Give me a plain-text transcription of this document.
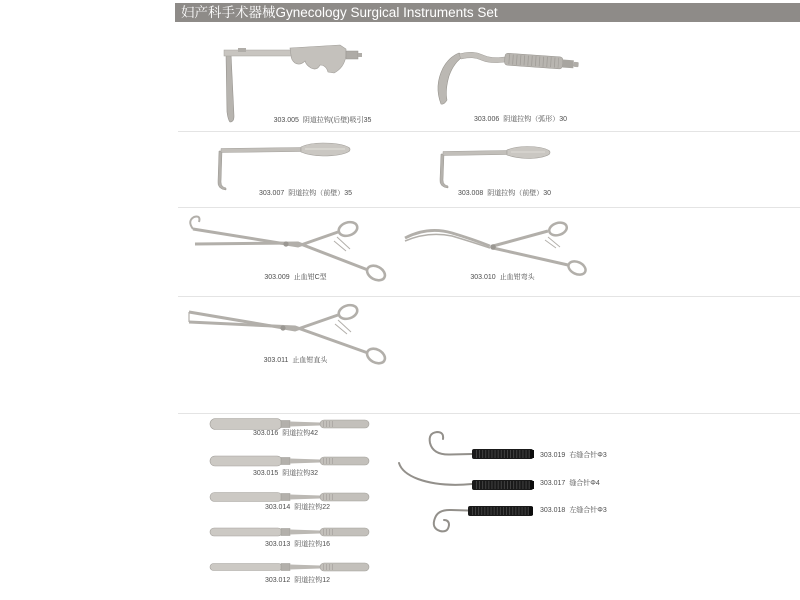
妇产科手术器械Gynecology Surgical Instruments Set
303.005 阴道拉钩(后壁)吸引35	303.006 阴道拉钩（弧形）30
303.007 阴道拉钩（前壁）35	303.008 阴道拉钩（前壁）30
303.009 止血钳C型	303.010 止血钳弯头
303.011 止血钳直头
303.016 阴道拉钩42
303.015 阴道拉钩32
303.014 阴道拉钩22
303.013 阴道拉钩16
303.012 阴道拉钩12
303.019 右缝合针Φ3
303.017 缝合针Φ4
303.018 左缝合针Φ3
